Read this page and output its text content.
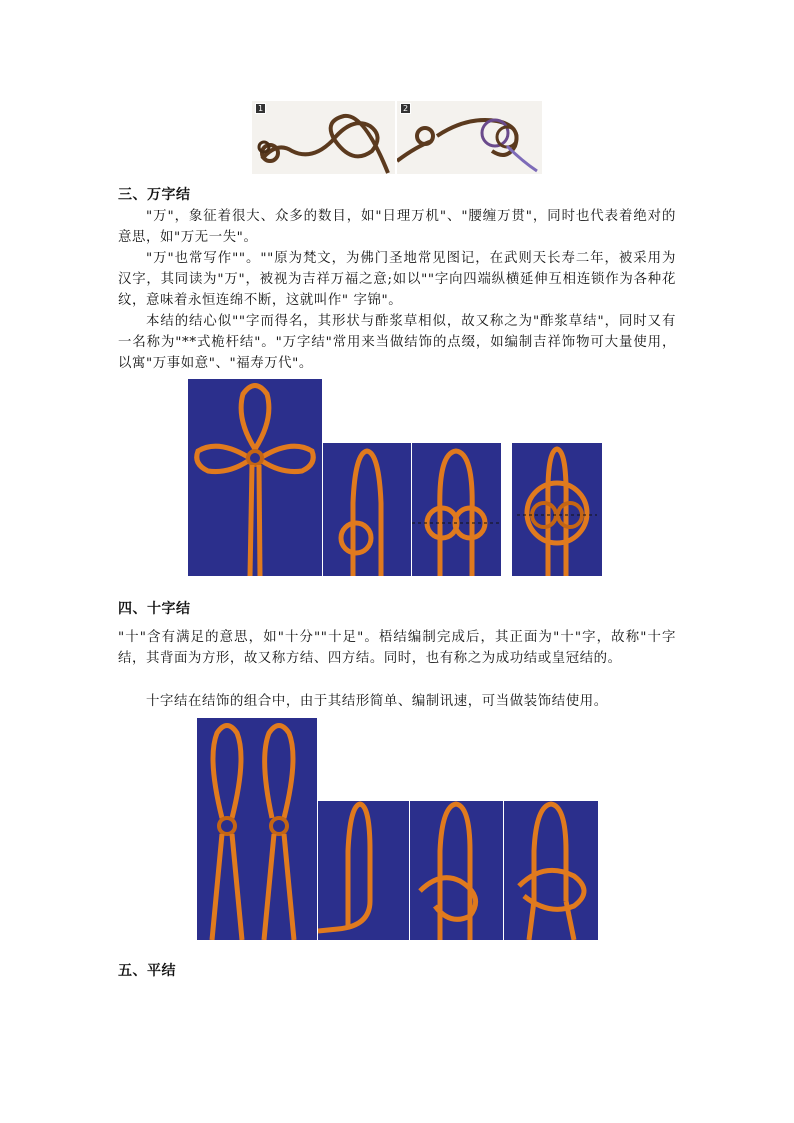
1	2
三、万字结
"万"，象征着很大、众多的数目，如"日理万机"、"腰缠万贯"，同时也代表着绝对的意思，如"万无一失"。
"万"也常写作""。""原为梵文，为佛门圣地常见图记，在武则天长寿二年，被采用为汉字，其同读为"万"，被视为吉祥万福之意;如以""字向四端纵横延伸互相连锁作为各种花纹，意味着永恒连绵不断，这就叫作" 字锦"。
本结的结心似""字而得名，其形状与酢浆草相似，故又称之为"酢浆草结"，同时又有一名称为"**式桅杆结"。"万字结"常用来当做结饰的点缀，如编制吉祥饰物可大量使用，以寓"万事如意"、"福寿万代"。
四、十字结
"十"含有满足的意思，如"十分""十足"。梧结编制完成后，其正面为"十"字，故称"十字结，其背面为方形，故又称方结、四方结。同时，也有称之为成功结或皇冠结的。
十字结在结饰的组合中，由于其结形简单、编制讯速，可当做装饰结使用。
五、平结
